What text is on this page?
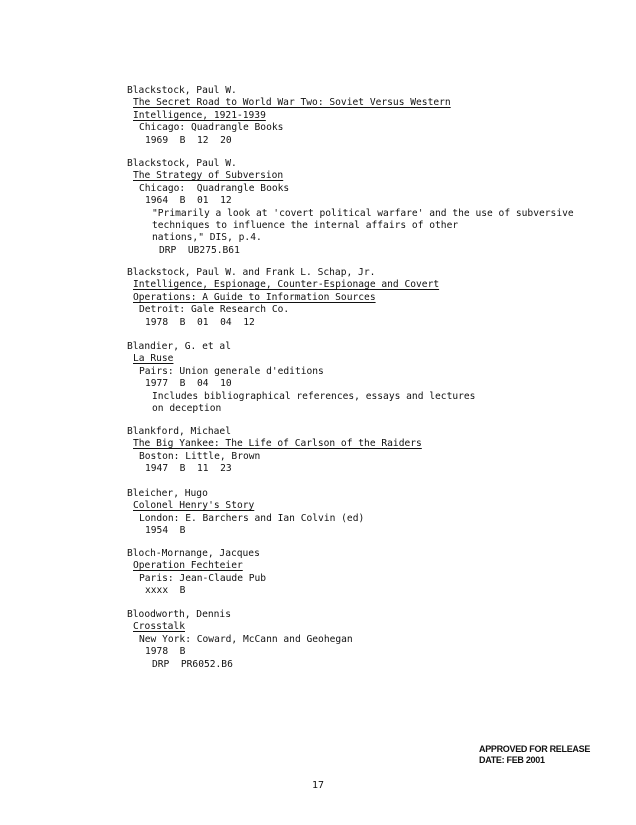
Blackstock, Paul W.
The Secret Road to World War Two: Soviet Versus Western
Intelligence, 1921-1939
Chicago: Quadrangle Books
1969  B  12  20
Blackstock, Paul W.
The Strategy of Subversion
Chicago:  Quadrangle Books
1964  B  01  12
"Primarily a look at 'covert political warfare' and the use of subversive
techniques to influence the internal affairs of other
nations," DIS, p.4.
DRP  UB275.B61
Blackstock, Paul W. and Frank L. Schap, Jr.
Intelligence, Espionage, Counter-Espionage and Covert
Operations: A Guide to Information Sources
Detroit: Gale Research Co.
1978  B  01  04  12
Blandier, G. et al
La Ruse
Pairs: Union generale d'editions
1977  B  04  10
Includes bibliographical references, essays and lectures
on deception
Blankford, Michael
The Big Yankee: The Life of Carlson of the Raiders
Boston: Little, Brown
1947  B  11  23
Bleicher, Hugo
Colonel Henry's Story
London: E. Barchers and Ian Colvin (ed)
1954  B
Bloch-Mornange, Jacques
Operation Fechteier
Paris: Jean-Claude Pub
xxxx  B
Bloodworth, Dennis
Crosstalk
New York: Coward, McCann and Geohegan
1978  B
DRP  PR6052.B6
APPROVED FOR RELEASE
DATE: FEB 2001
17
